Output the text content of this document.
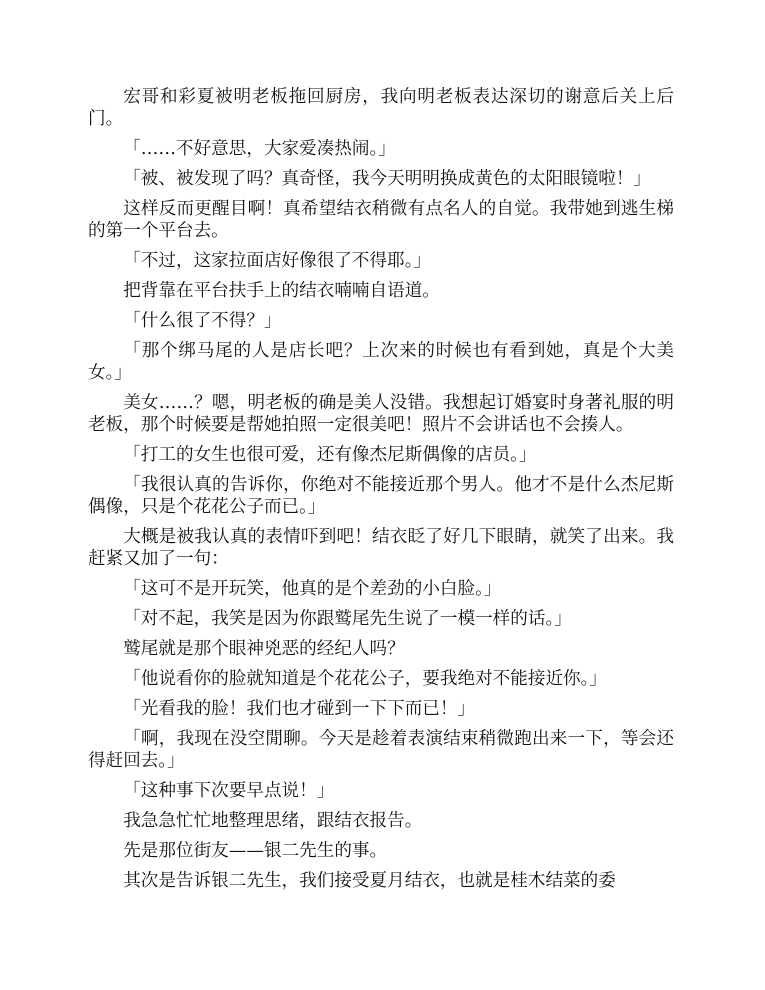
宏哥和彩夏被明老板拖回厨房，我向明老板表达深切的谢意后关上后门。

「……不好意思，大家爱凑热闹。」

「被、被发现了吗？真奇怪，我今天明明换成黄色的太阳眼镜啦！」

这样反而更醒目啊！真希望结衣稍微有点名人的自觉。我带她到逃生梯的第一个平台去。

「不过，这家拉面店好像很了不得耶。」

把背靠在平台扶手上的结衣喃喃自语道。

「什么很了不得？」

「那个绑马尾的人是店长吧？上次来的时候也有看到她，真是个大美女。」

美女……？嗯，明老板的确是美人没错。我想起订婚宴时身著礼服的明老板，那个时候要是帮她拍照一定很美吧！照片不会讲话也不会揍人。

「打工的女生也很可爱，还有像杰尼斯偶像的店员。」

「我很认真的告诉你，你绝对不能接近那个男人。他才不是什么杰尼斯偶像，只是个花花公子而已。」

大概是被我认真的表情吓到吧！结衣眨了好几下眼睛，就笑了出来。我赶紧又加了一句：

「这可不是开玩笑，他真的是个差劲的小白脸。」

「对不起，我笑是因为你跟鹫尾先生说了一模一样的话。」

鹫尾就是那个眼神兇恶的经纪人吗？

「他说看你的脸就知道是个花花公子，要我绝对不能接近你。」

「光看我的脸！我们也才碰到一下下而已！」

「啊，我现在没空閒聊。今天是趁着表演结束稍微跑出来一下，等会还得赶回去。」

「这种事下次要早点说！」

我急急忙忙地整理思绪，跟结衣报告。

先是那位街友——银二先生的事。

其次是告诉银二先生，我们接受夏月结衣，也就是桂木结菜的委
